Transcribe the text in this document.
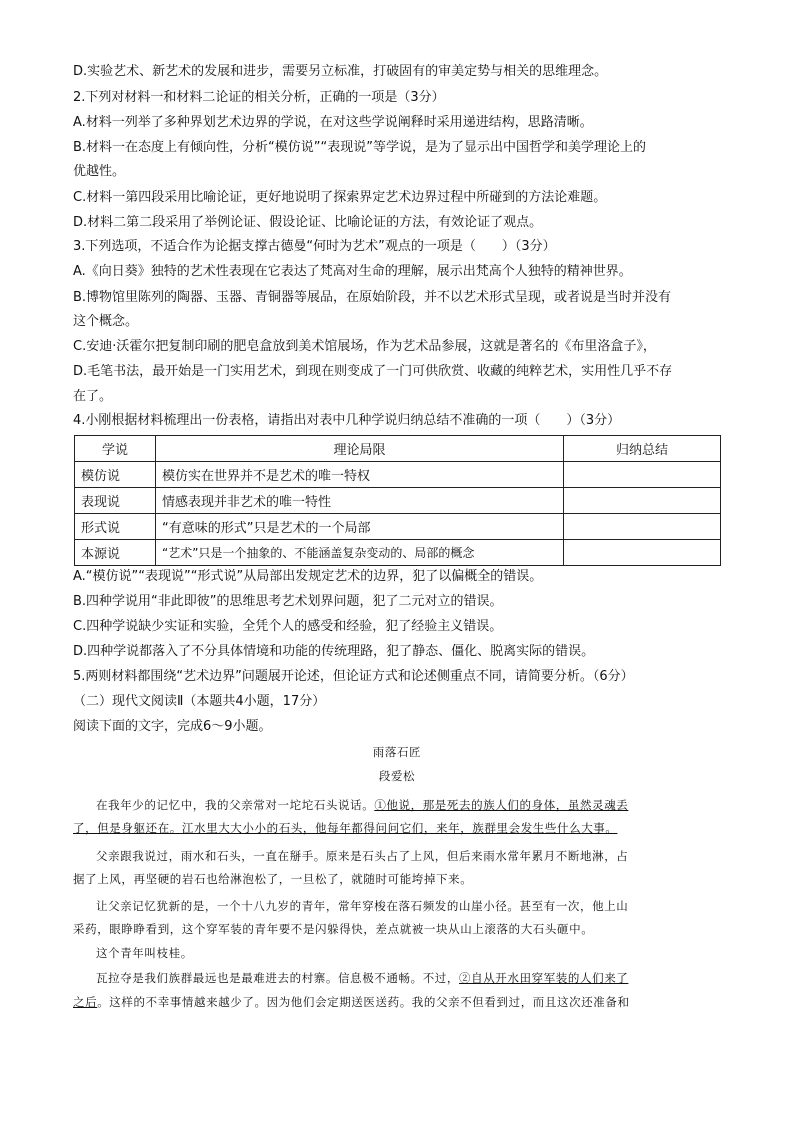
D.实验艺术、新艺术的发展和进步，需要另立标准，打破固有的审美定势与相关的思维理念。
2.下列对材料一和材料二论证的相关分析，正确的一项是（3分）
A.材料一列举了多种界划艺术边界的学说，在对这些学说阐释时采用递进结构，思路清晰。
B.材料一在态度上有倾向性，分析“模仿说”“表现说”等学说，是为了显示出中国哲学和美学理论上的
优越性。
C.材料一第四段采用比喻论证，更好地说明了探索界定艺术边界过程中所碰到的方法论难题。
D.材料二第二段采用了举例论证、假设论证、比喻论证的方法，有效论证了观点。
3.下列选项，不适合作为论据支撑古德曼“何时为艺术”观点的一项是（　　）（3分）
A.《向日葵》独特的艺术性表现在它表达了梵高对生命的理解，展示出梵高个人独特的精神世界。
B.博物馆里陈列的陶器、玉器、青铜器等展品，在原始阶段，并不以艺术形式呈现，或者说是当时并没有
这个概念。
C.安迪·沃霍尔把复制印刷的肥皂盒放到美术馆展场，作为艺术品参展，这就是著名的《布里洛盒子》，
D.毛笔书法，最开始是一门实用艺术，到现在则变成了一门可供欣赏、收藏的纯粹艺术，实用性几乎不存
在了。
4.小刚根据材料梳理出一份表格，请指出对表中几种学说归纳总结不准确的一项（　　）（3分）
学说	理论局限	归纳总结
模仿说	模仿实在世界并不是艺术的唯一特权	
表现说	情感表现并非艺术的唯一特性	
形式说	“有意味的形式”只是艺术的一个局部	
本源说	“艺术”只是一个抽象的、不能涵盖复杂变动的、局部的概念	
A.“模仿说”“表现说”“形式说”从局部出发规定艺术的边界，犯了以偏概全的错误。
B.四种学说用“非此即彼”的思维思考艺术划界问题，犯了二元对立的错误。
C.四种学说缺少实证和实验，全凭个人的感受和经验，犯了经验主义错误。
D.四种学说都落入了不分具体情境和功能的传统理路，犯了静态、僵化、脱离实际的错误。
5.两则材料都围绕“艺术边界”问题展开论述，但论证方式和论述侧重点不同，请简要分析。（6分）
（二）现代文阅读Ⅱ（本题共4小题，17分）
阅读下面的文字，完成6～9小题。
雨落石匠
段爱松
在我年少的记忆中，我的父亲常对一坨坨石头说话。①他说，那是死去的族人们的身体，虽然灵魂丢
了，但是身躯还在。江水里大大小小的石头，他每年都得问问它们，来年，族群里会发生些什么大事。
父亲跟我说过，雨水和石头，一直在掰手。原来是石头占了上风，但后来雨水常年累月不断地淋，占
据了上风，再坚硬的岩石也给淋泡松了，一旦松了，就随时可能垮掉下来。
让父亲记忆犹新的是，一个十八九岁的青年，常年穿梭在落石频发的山崖小径。甚至有一次，他上山
采药，眼睁睁看到，这个穿军装的青年要不是闪躲得快，差点就被一块从山上滚落的大石头砸中。
这个青年叫枝桂。
瓦拉夺是我们族群最远也是最难进去的村寨。信息极不通畅。不过，②自从开水田穿军装的人们来了
之后。这样的不幸事情越来越少了。因为他们会定期送医送药。我的父亲不但看到过，而且这次还准备和
